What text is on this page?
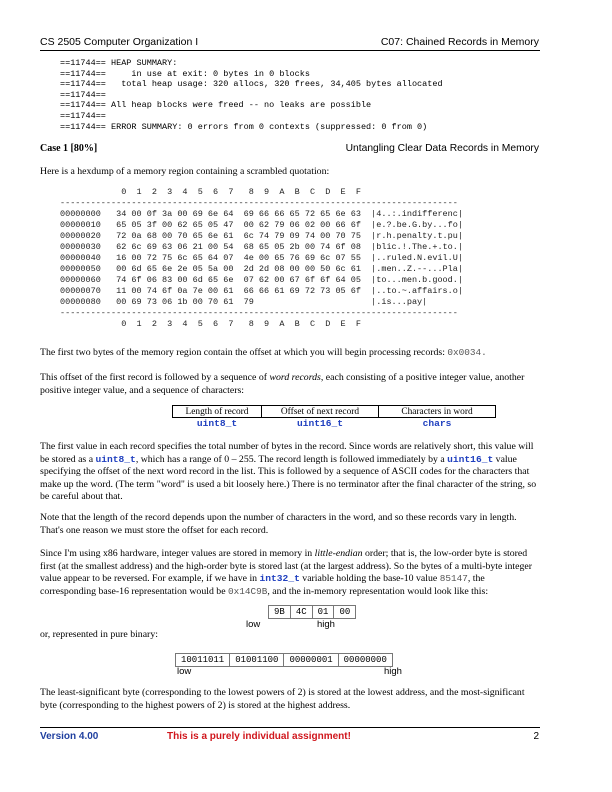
CS 2505 Computer Organization I	C07: Chained Records in Memory
==11744== HEAP SUMMARY:
==11744==     in use at exit: 0 bytes in 0 blocks
==11744==   total heap usage: 320 allocs, 320 frees, 34,405 bytes allocated
==11744==
==11744== All heap blocks were freed -- no leaks are possible
==11744==
==11744== ERROR SUMMARY: 0 errors from 0 contexts (suppressed: 0 from 0)
Case 1 [80%]	Untangling Clear Data Records in Memory
Here is a hexdump of a memory region containing a scrambled quotation:
0  1  2  3  4  5  6  7   8  9  A  B  C  D  E  F
------------------------------------------------------------------------------
00000000   34 00 0f 3a 00 69 6e 64  69 66 66 65 72 65 6e 63  |4..:.indifferenc|
00000010   65 05 3f 00 62 65 05 47  00 62 79 06 02 00 66 6f  |e.?.be.G.by...fo|
00000020   72 0a 68 00 70 65 6e 61  6c 74 79 09 74 00 70 75  |r.h.penalty.t.pu|
00000030   62 6c 69 63 06 21 00 54  68 65 05 2b 00 74 6f 08  |blic.!.The.+.to.|
00000040   16 00 72 75 6c 65 64 07  4e 00 65 76 69 6c 07 55  |..ruled.N.evil.U|
00000050   00 6d 65 6e 2e 05 5a 00  2d 2d 08 00 00 50 6c 61  |.men..Z.--...Pla|
00000060   74 6f 06 83 00 6d 65 6e  07 62 00 67 6f 6f 64 05  |to...men.b.good.|
00000070   11 00 74 6f 0a 7e 00 61  66 66 61 69 72 73 05 6f  |..to.~.affairs.o|
00000080   00 69 73 06 1b 00 70 61  79                       |.is...pay|
------------------------------------------------------------------------------
0  1  2  3  4  5  6  7   8  9  A  B  C  D  E  F
The first two bytes of the memory region contain the offset at which you will begin processing records: 0x0034.
This offset of the first record is followed by a sequence of word records, each consisting of a positive integer value, another positive integer value, and a sequence of characters:
Length of record	Offset of next record	Characters in word
uint8_t	uint16_t	chars
The first value in each record specifies the total number of bytes in the record. Since words are relatively short, this value will be stored as a uint8_t, which has a range of 0 – 255. The record length is followed immediately by a uint16_t value specifying the offset of the next word record in the list. This is followed by a sequence of ASCII codes for the characters that make up the word. (The term "word" is used a bit loosely here.) There is no terminator after the final character of the string, so be careful about that.
Note that the length of the record depends upon the number of characters in the word, and so these records vary in length. That's one reason we must store the offset for each record.
Since I'm using x86 hardware, integer values are stored in memory in little-endian order; that is, the low-order byte is stored first (at the smallest address) and the high-order byte is stored last (at the largest address). So the bytes of a multi-byte integer value appear to be reversed. For example, if we have in int32_t variable holding the base-10 value 85147, the corresponding base-16 representation would be 0x14C9B, and the in-memory representation would look like this:
9B	4C	01	00
low	high
or, represented in pure binary:
10011011	01001100	00000001	00000000
low	high
The least-significant byte (corresponding to the lowest powers of 2) is stored at the lowest address, and the most-significant byte (corresponding to the highest powers of 2) is stored at the highest address.
Version 4.00	This is a purely individual assignment!	2
